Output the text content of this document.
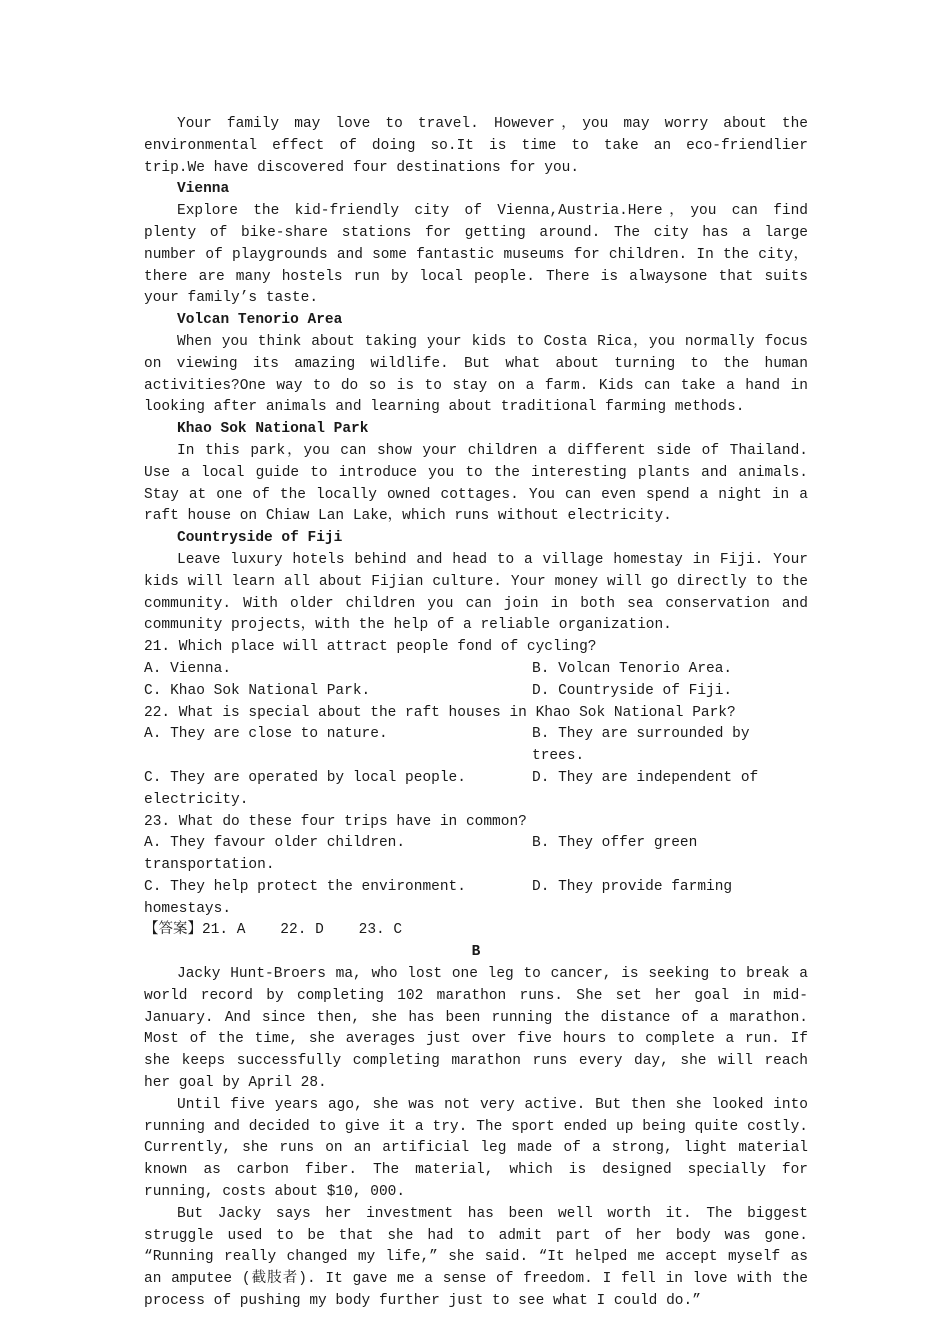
Your family may love to travel. However，you may worry about the environmental effect of doing so.It is time to take an eco-friendlier trip.We have discovered four destinations for you.

Vienna

Explore the kid-friendly city of Vienna,Austria.Here，you can find plenty of bike-share stations for getting around. The city has a large number of playgrounds and some fantastic museums for children. In the city，there are many hostels run by local people. There is alwaysone that suits your family’s taste.

Volcan Tenorio Area

When you think about taking your kids to Costa Rica，you normally focus on viewing its amazing wildlife. But what about turning to the human activities?One way to do so is to stay on a farm. Kids can take a hand in looking after animals and learning about traditional farming methods.

Khao Sok National Park

In this park，you can show your children a different side of Thailand. Use a local guide to introduce you to the interesting plants and animals. Stay at one of the locally owned cottages. You can even spend a night in a raft house on Chiaw Lan Lake，which runs without electricity.

Countryside of Fiji

Leave luxury hotels behind and head to a village homestay in Fiji. Your kids will learn all about Fijian culture. Your money will go directly to the community. With older children you can join in both sea conservation and community projects，with the help of a reliable organization.

21. Which place will attract people fond of cycling?

A. Vienna.	B. Volcan Tenorio Area.
C. Khao Sok National Park.	D. Countryside of Fiji.

22. What is special about the raft houses in Khao Sok National Park?

A. They are close to nature.	B. They are surrounded by trees.
C. They are operated by local people.	D. They are independent of

electricity.

23. What do these four trips have in common?

A. They favour older children.	B. They offer green

transportation.

C. They help protect the environment.	D. They provide farming

homestays.

【答案】21. A    22. D    23. C

B

Jacky Hunt-Broers ma, who lost one leg to cancer, is seeking to break a world record by completing 102 marathon runs. She set her goal in mid-January. And since then, she has been running the distance of a marathon. Most of the time, she averages just over five hours to complete a run. If she keeps successfully completing marathon runs every day, she will reach her goal by April 28.

Until five years ago, she was not very active. But then she looked into running and decided to give it a try. The sport ended up being quite costly. Currently, she runs on an artificial leg made of a strong, light material known as carbon fiber. The material, which is designed specially for running, costs about $10, 000.

But Jacky says her investment has been well worth it. The biggest struggle used to be that she had to admit part of her body was gone. “Running really changed my life,” she said. “It helped me accept myself as an amputee (截肢者). It gave me a sense of freedom. I fell in love with the process of pushing my body further just to see what I could do.”
